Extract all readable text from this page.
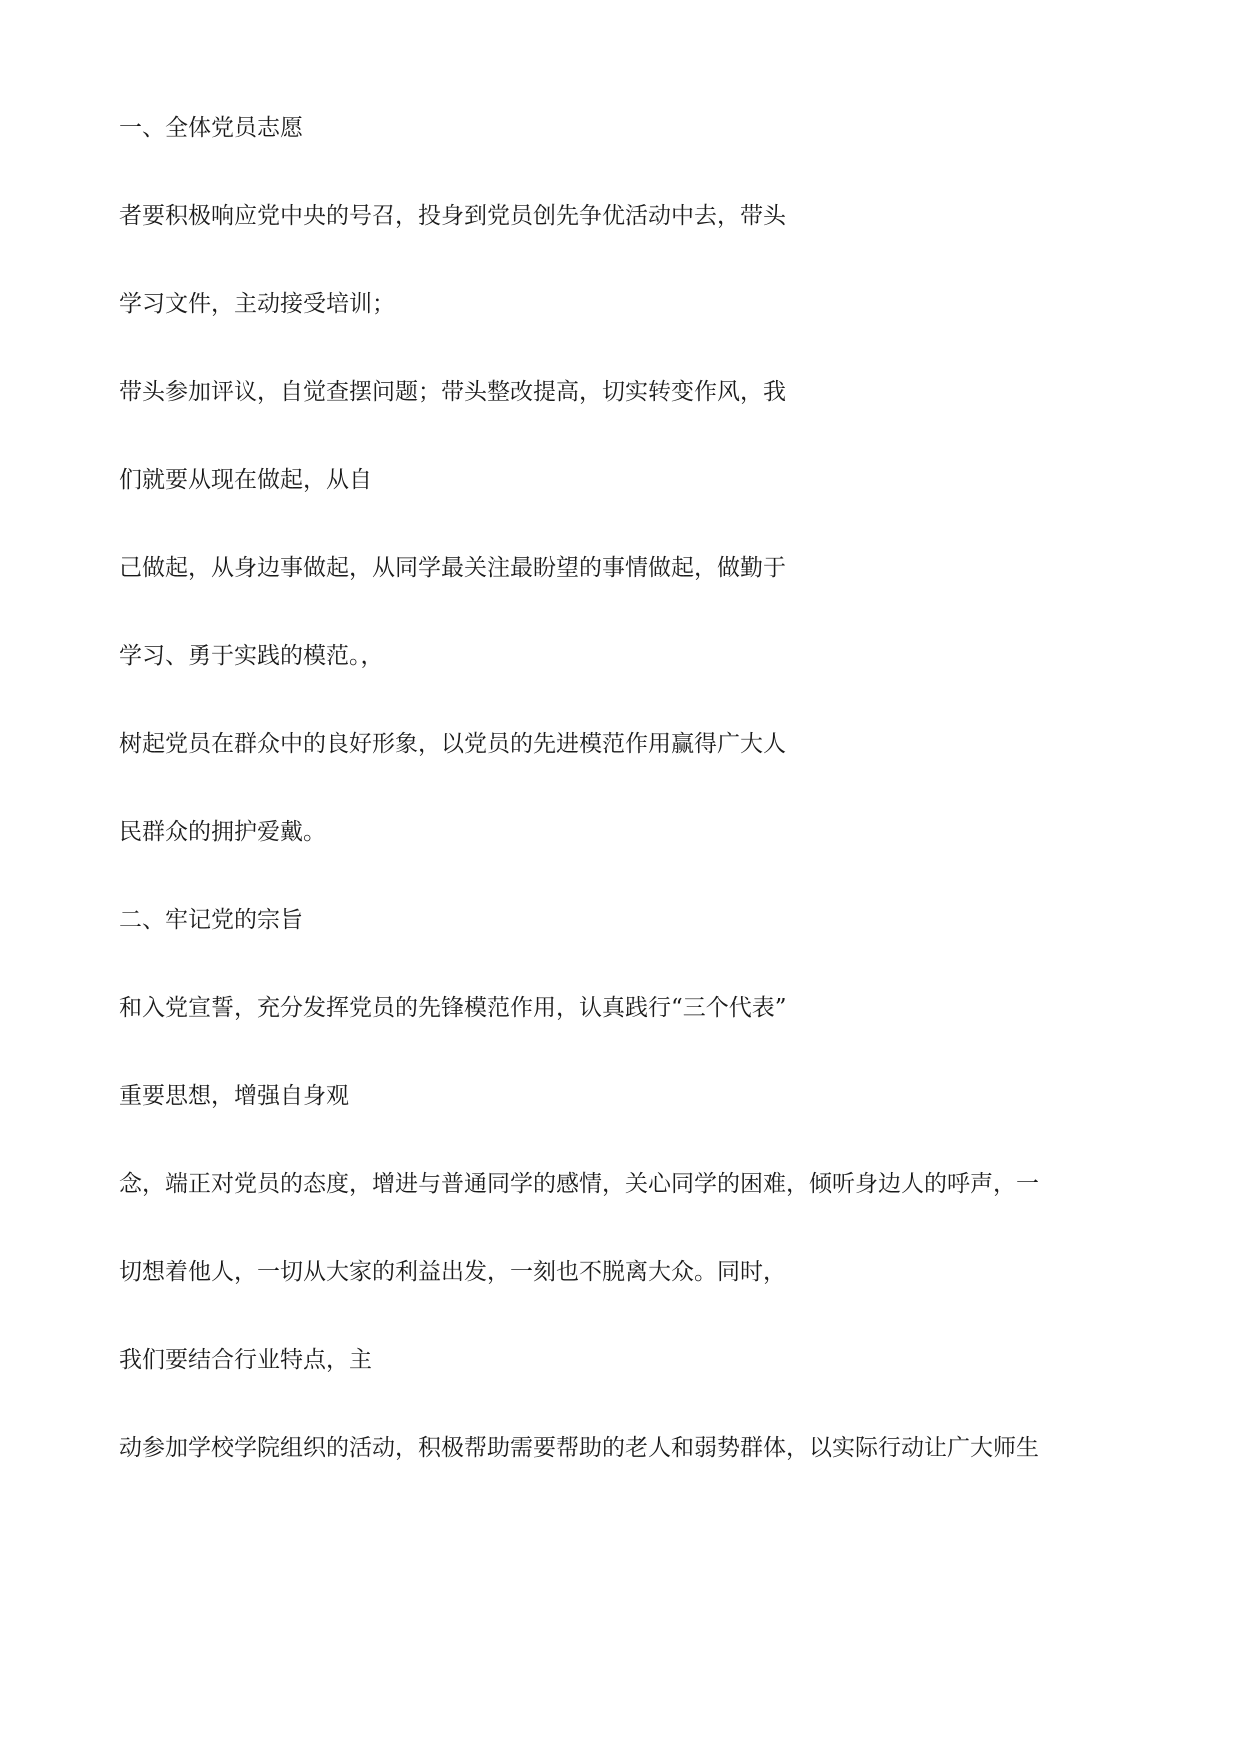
一、全体党员志愿

者要积极响应党中央的号召，投身到党员创先争优活动中去，带头

学习文件，主动接受培训；

带头参加评议，自觉查摆问题；带头整改提高，切实转变作风，我

们就要从现在做起，从自

己做起，从身边事做起，从同学最关注最盼望的事情做起，做勤于

学习、勇于实践的模范。，

树起党员在群众中的良好形象，以党员的先进模范作用赢得广大人

民群众的拥护爱戴。

二、牢记党的宗旨

和入党宣誓，充分发挥党员的先锋模范作用，认真践行“三个代表”

重要思想，增强自身观

念，端正对党员的态度，增进与普通同学的感情，关心同学的困难，倾听身边人的呼声，一

切想着他人，一切从大家的利益出发，一刻也不脱离大众。同时，

我们要结合行业特点，主

动参加学校学院组织的活动，积极帮助需要帮助的老人和弱势群体，以实际行动让广大师生
